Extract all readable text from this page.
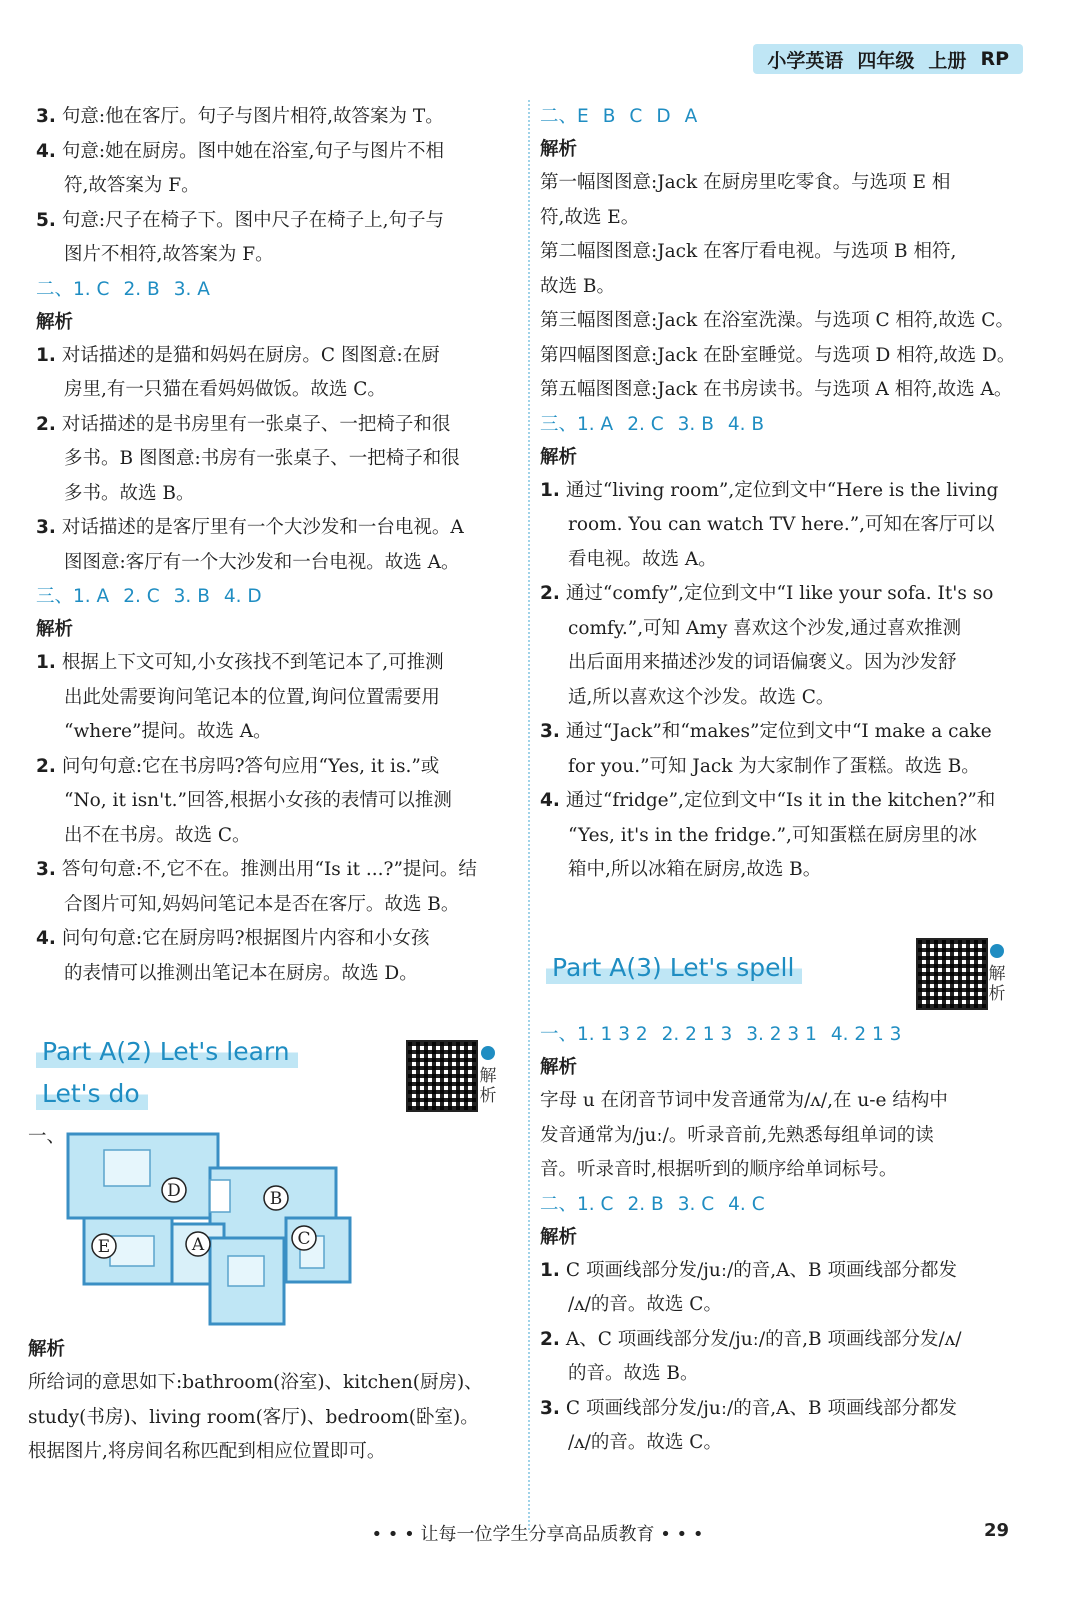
小学英语 四年级 上册 RP

3. 句意:他在客厅。句子与图片相符,故答案为 T。

4. 句意:她在厨房。图中她在浴室,句子与图片不相

符,故答案为 F。

5. 句意:尺子在椅子下。图中尺子在椅子上,句子与

图片不相符,故答案为 F。

二、1. C 2. B 3. A

解析

1. 对话描述的是猫和妈妈在厨房。C 图图意:在厨

房里,有一只猫在看妈妈做饭。故选 C。

2. 对话描述的是书房里有一张桌子、一把椅子和很

多书。B 图图意:书房有一张桌子、一把椅子和很

多书。故选 B。

3. 对话描述的是客厅里有一个大沙发和一台电视。A

图图意:客厅有一个大沙发和一台电视。故选 A。

三、1. A 2. C 3. B 4. D

解析

1. 根据上下文可知,小女孩找不到笔记本了,可推测

出此处需要询问笔记本的位置,询问位置需要用

“where”提问。故选 A。

2. 问句句意:它在书房吗?答句应用“Yes, it is.”或

“No, it isn't.”回答,根据小女孩的表情可以推测

出不在书房。故选 C。

3. 答句句意:不,它不在。推测出用“Is it ...?”提问。结

合图片可知,妈妈问笔记本是否在客厅。故选 B。

4. 问句句意:它在厨房吗?根据图片内容和小女孩

的表情可以推测出笔记本在厨房。故选 D。

Part A(2) Let's learn
Let's do
解析
一、
D	B
E	A	C

解析

所给词的意思如下:bathroom(浴室)、kitchen(厨房)、

study(书房)、living room(客厅)、bedroom(卧室)。

根据图片,将房间名称匹配到相应位置即可。

二、E B C D A

解析

第一幅图图意:Jack 在厨房里吃零食。与选项 E 相

符,故选 E。

第二幅图图意:Jack 在客厅看电视。与选项 B 相符,

故选 B。

第三幅图图意:Jack 在浴室洗澡。与选项 C 相符,故选 C。

第四幅图图意:Jack 在卧室睡觉。与选项 D 相符,故选 D。

第五幅图图意:Jack 在书房读书。与选项 A 相符,故选 A。

三、1. A 2. C 3. B 4. B

解析

1. 通过“living room”,定位到文中“Here is the living

room. You can watch TV here.”,可知在客厅可以

看电视。故选 A。

2. 通过“comfy”,定位到文中“I like your sofa. It's so

comfy.”,可知 Amy 喜欢这个沙发,通过喜欢推测

出后面用来描述沙发的词语偏褒义。因为沙发舒

适,所以喜欢这个沙发。故选 C。

3. 通过“Jack”和“makes”定位到文中“I make a cake

for you.”可知 Jack 为大家制作了蛋糕。故选 B。

4. 通过“fridge”,定位到文中“Is it in the kitchen?”和

“Yes, it's in the fridge.”,可知蛋糕在厨房里的冰

箱中,所以冰箱在厨房,故选 B。

Part A(3) Let's spell	解析

一、1. 1 3 2 2. 2 1 3 3. 2 3 1 4. 2 1 3

解析

字母 u 在闭音节词中发音通常为/ʌ/,在 u-e 结构中

发音通常为/juː/。听录音前,先熟悉每组单词的读

音。听录音时,根据听到的顺序给单词标号。

二、1. C 2. B 3. C 4. C

解析

1. C 项画线部分发/juː/的音,A、B 项画线部分都发

/ʌ/的音。故选 C。

2. A、C 项画线部分发/juː/的音,B 项画线部分发/ʌ/

的音。故选 B。

3. C 项画线部分发/juː/的音,A、B 项画线部分都发

/ʌ/的音。故选 C。

• • • 让每一位学生分享高品质教育 • • •	29
